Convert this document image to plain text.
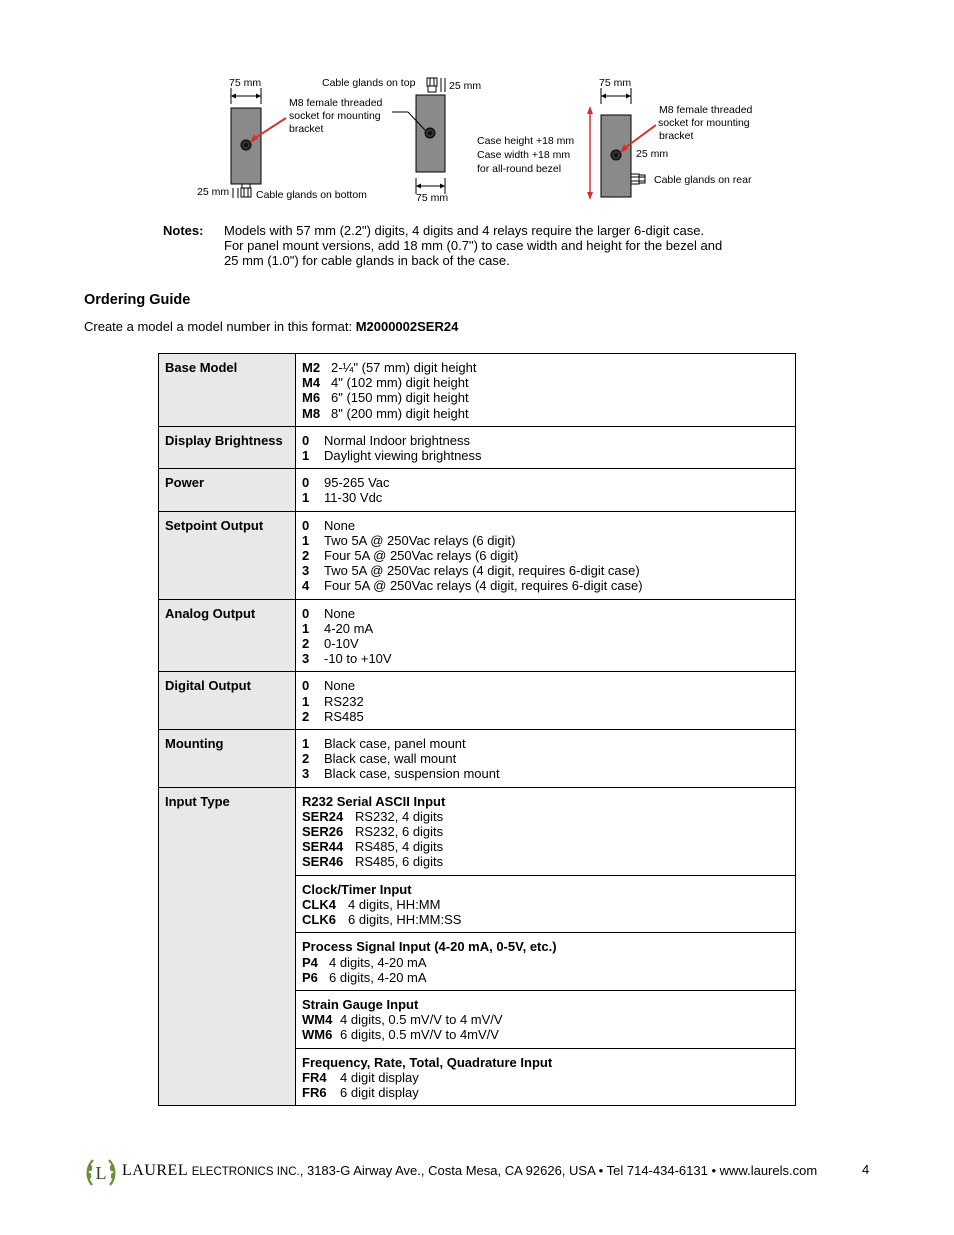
75 mm
M8 female threaded
socket for mounting
bracket
25 mm	Cable glands on bottom
Cable glands on top	25 mm
75 mm
Case height +18 mm
Case width +18 mm
for all-round bezel
75 mm
M8 female threaded
socket for mounting
bracket
25 mm
Cable glands on rear
Notes: Models with 57 mm (2.2") digits, 4 digits and 4 relays require the larger 6-digit case.
For panel mount versions, add 18 mm (0.7") to case width and height for the bezel and
25 mm (1.0") for cable glands in back of the case.
Ordering Guide
Create a model a model number in this format: M2000002SER24
Base Model	M2 2-¼" (57 mm) digit height
M4 4" (102 mm) digit height
M6 6" (150 mm) digit height
M8 8" (200 mm) digit height

Display Brightness	0 Normal Indoor brightness
1 Daylight viewing brightness

Power	0 95-265 Vac
1 11-30 Vdc

Setpoint Output	0 None
1 Two 5A @ 250Vac relays (6 digit)
2 Four 5A @ 250Vac relays (6 digit)
3 Two 5A @ 250Vac relays (4 digit, requires 6-digit case)
4 Four 5A @ 250Vac relays (4 digit, requires 6-digit case)

Analog Output	0 None
1 4-20 mA
2 0-10V
3 -10 to +10V

Digital Output	0 None
1 RS232
2 RS485

Mounting	1 Black case, panel mount
2 Black case, wall mount
3 Black case, suspension mount

Input Type	R232 Serial ASCII Input
SER24 RS232, 4 digits
SER26 RS232, 6 digits
SER44 RS485, 4 digits
SER46 RS485, 6 digits

	Clock/Timer Input
CLK4 4 digits, HH:MM
CLK6 6 digits, HH:MM:SS

	Process Signal Input (4-20 mA, 0-5V, etc.)
P4 4 digits, 4-20 mA
P6 6 digits, 4-20 mA

	Strain Gauge Input
WM4 4 digits, 0.5 mV/V to 4 mV/V
WM6 6 digits, 0.5 mV/V to 4mV/V

	Frequency, Rate, Total, Quadrature Input
FR4 4 digit display
FR6 6 digit display
L LAUREL ELECTRONICS INC., 3183-G Airway Ave., Costa Mesa, CA 92626, USA • Tel 714-434-6131 • www.laurels.com	4
